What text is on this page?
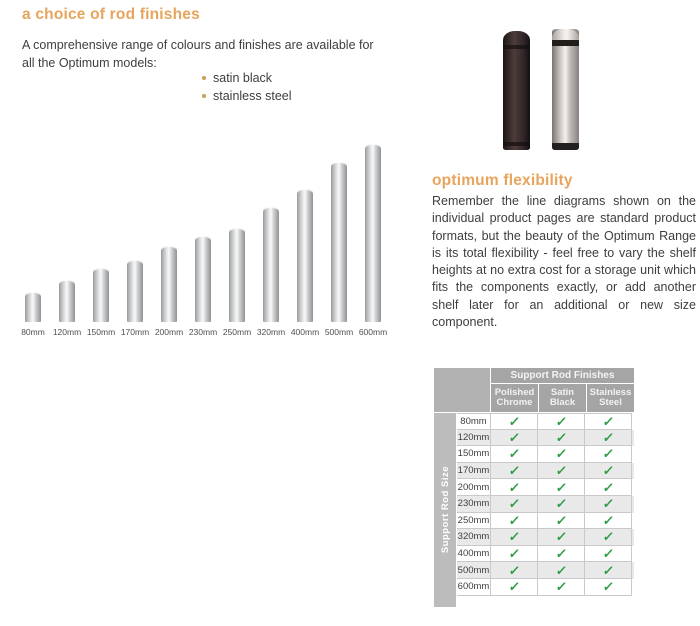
a choice of rod finishes
A comprehensive range of colours and finishes are available for all the Optimum models:
satin black
stainless steel
80mm 120mm 150mm 170mm 200mm 230mm 250mm 320mm 400mm 500mm 600mm
optimum flexibility
Remember the line diagrams shown on the individual product pages are standard product formats, but the beauty of the Optimum Range is its total flexibility - feel free to vary the shelf heights at no extra cost for a storage unit which fits the components exactly, or add another shelf later for an additional or new size component.
Support Rod Finishes
Polished Chrome
Satin Black
Stainless Steel
Support Rod Size
80mm	✓	✓	✓
120mm ✓	✓	✓
150mm ✓	✓	✓
170mm ✓	✓	✓
200mm ✓	✓	✓
230mm ✓	✓	✓
250mm ✓	✓	✓
320mm ✓	✓	✓
400mm ✓	✓	✓
500mm ✓	✓	✓
600mm ✓	✓	✓
